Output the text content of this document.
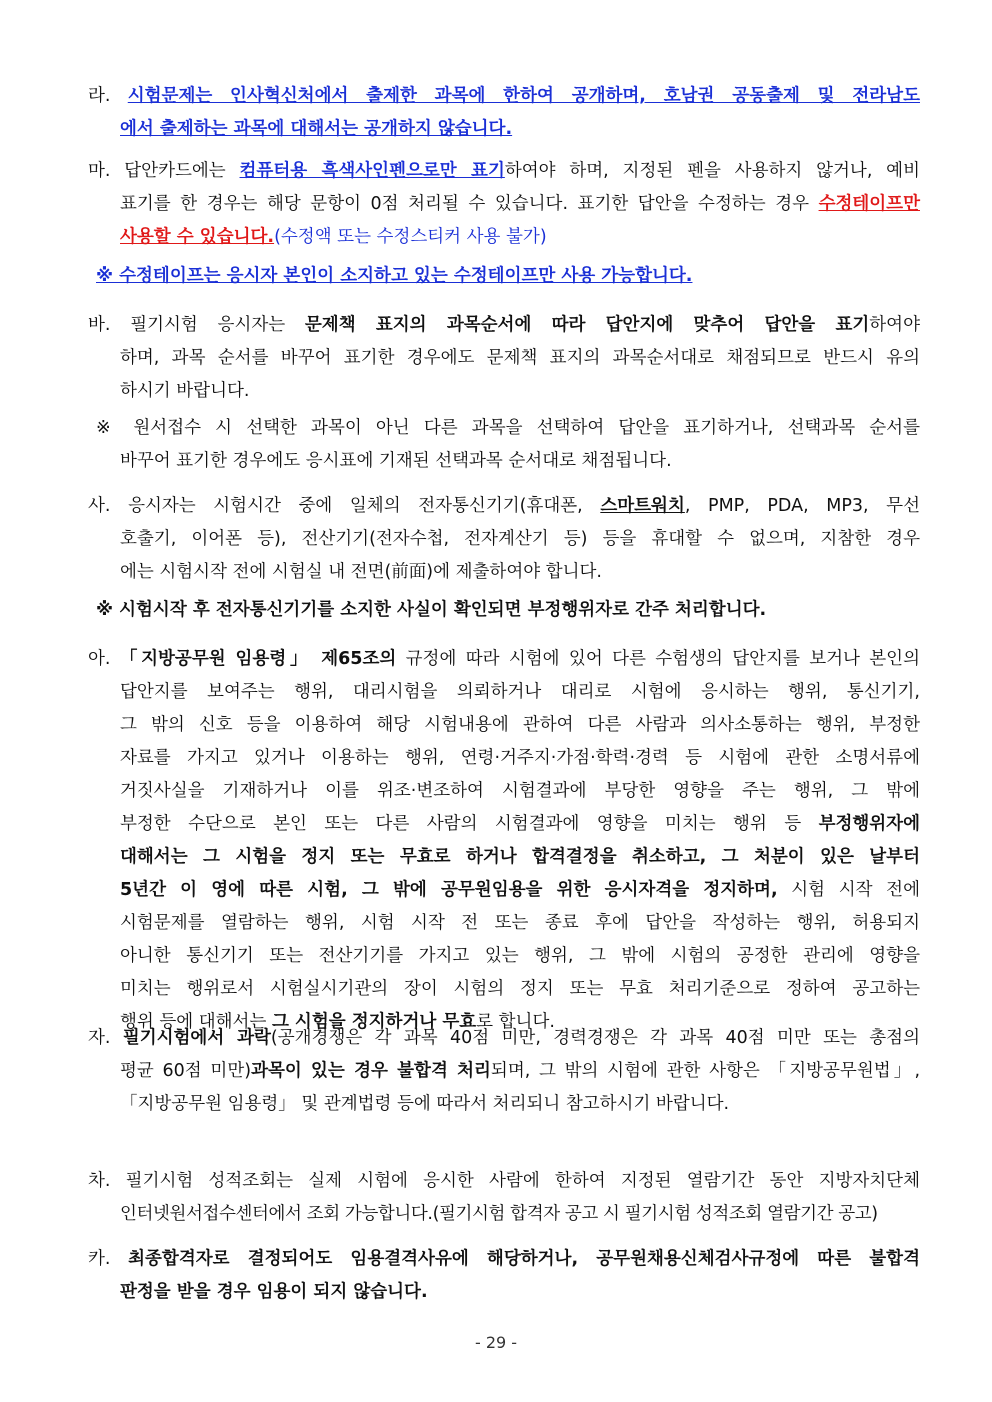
라. 시험문제는 인사혁신처에서 출제한 과목에 한하여 공개하며, 호남권 공동출제 및 전라남도
에서 출제하는 과목에 대해서는 공개하지 않습니다.
마. 답안카드에는 컴퓨터용 흑색사인펜으로만 표기하여야 하며, 지정된 펜을 사용하지 않거나, 예비
표기를 한 경우는 해당 문항이 0점 처리될 수 있습니다. 표기한 답안을 수정하는 경우 수정테이프만
사용할 수 있습니다.(수정액 또는 수정스티커 사용 불가)
※ 수정테이프는 응시자 본인이 소지하고 있는 수정테이프만 사용 가능합니다.
바. 필기시험 응시자는 문제책 표지의 과목순서에 따라 답안지에 맞추어 답안을 표기하여야
하며, 과목 순서를 바꾸어 표기한 경우에도 문제책 표지의 과목순서대로 채점되므로 반드시 유의
하시기 바랍니다.
※ 원서접수 시 선택한 과목이 아닌 다른 과목을 선택하여 답안을 표기하거나, 선택과목 순서를
바꾸어 표기한 경우에도 응시표에 기재된 선택과목 순서대로 채점됩니다.
사. 응시자는 시험시간 중에 일체의 전자통신기기(휴대폰, 스마트워치, PMP, PDA, MP3, 무선
호출기, 이어폰 등), 전산기기(전자수첩, 전자계산기 등) 등을 휴대할 수 없으며, 지참한 경우
에는 시험시작 전에 시험실 내 전면(前面)에 제출하여야 합니다.
※ 시험시작 후 전자통신기기를 소지한 사실이 확인되면 부정행위자로 간주 처리합니다.
아. 「지방공무원 임용령」 제65조의 규정에 따라 시험에 있어 다른 수험생의 답안지를 보거나 본인의
답안지를 보여주는 행위, 대리시험을 의뢰하거나 대리로 시험에 응시하는 행위, 통신기기,
그 밖의 신호 등을 이용하여 해당 시험내용에 관하여 다른 사람과 의사소통하는 행위, 부정한
자료를 가지고 있거나 이용하는 행위, 연령·거주지·가점·학력·경력 등 시험에 관한 소명서류에
거짓사실을 기재하거나 이를 위조·변조하여 시험결과에 부당한 영향을 주는 행위, 그 밖에
부정한 수단으로 본인 또는 다른 사람의 시험결과에 영향을 미치는 행위 등 부정행위자에
대해서는 그 시험을 정지 또는 무효로 하거나 합격결정을 취소하고, 그 처분이 있은 날부터
5년간 이 영에 따른 시험, 그 밖에 공무원임용을 위한 응시자격을 정지하며, 시험 시작 전에
시험문제를 열람하는 행위, 시험 시작 전 또는 종료 후에 답안을 작성하는 행위, 허용되지
아니한 통신기기 또는 전산기기를 가지고 있는 행위, 그 밖에 시험의 공정한 관리에 영향을
미치는 행위로서 시험실시기관의 장이 시험의 정지 또는 무효 처리기준으로 정하여 공고하는
행위 등에 대해서는 그 시험을 정지하거나 무효로 합니다.
자. 필기시험에서 과락(공개경쟁은 각 과목 40점 미만, 경력경쟁은 각 과목 40점 미만 또는 총점의
평균 60점 미만)과목이 있는 경우 불합격 처리되며, 그 밖의 시험에 관한 사항은 「지방공무원법」,
「지방공무원 임용령」 및 관계법령 등에 따라서 처리되니 참고하시기 바랍니다.
차. 필기시험 성적조회는 실제 시험에 응시한 사람에 한하여 지정된 열람기간 동안 지방자치단체
인터넷원서접수센터에서 조회 가능합니다.(필기시험 합격자 공고 시 필기시험 성적조회 열람기간 공고)
카. 최종합격자로 결정되어도 임용결격사유에 해당하거나, 공무원채용신체검사규정에 따른 불합격
판정을 받을 경우 임용이 되지 않습니다.
- 29 -
